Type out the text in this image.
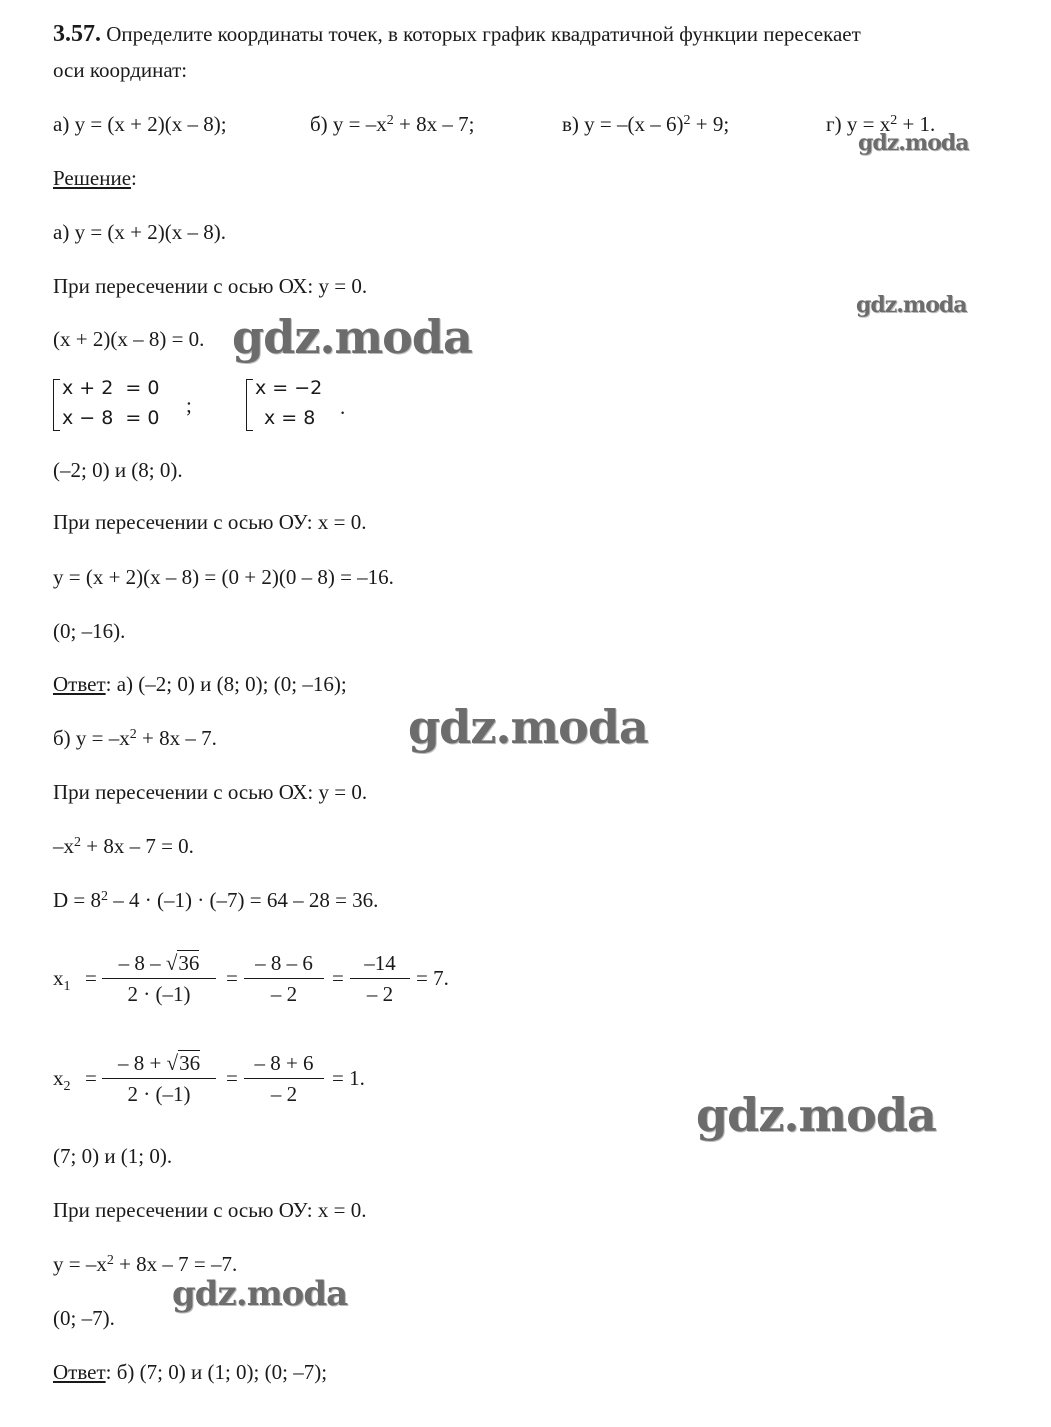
3.57. Определите координаты точек, в которых график квадратичной функции пересекает
оси координат:
а) у = (х + 2)(х – 8);	б) $у = -х^2 + 8х - 7$;	в) у = –(х – 6)$^2$ + 9;	г) $у = х^2 + 1$.
Решение:
а) у = (х + 2)(х – 8).
При пересечении с осью ОХ: у = 0.
(х + 2)(х – 8) = 0.
х + 2  = 0
х − 8  = 0
;
х = −2
х = 8 .
(–2; 0) и (8; 0).
При пересечении с осью ОУ: х = 0.
у = (х + 2)(х – 8) = (0 + 2)(0 – 8) = –16.
(0; –16).
Ответ: а) (–2; 0) и (8; 0); (0; –16);
б) $у = -х^2 + 8х - 7$.
При пересечении с осью ОХ: у = 0.
$-х^2 + 8х - 7 = 0$.
$D = 8^2 - 4 \cdot (-1) \cdot (-7) = 64 - 28 = 36$.
$х_1 = \frac{- 8 - √36}{2 \cdot (-1)} = \frac{- 8 - 6}{- 2} = \frac{-14}{- 2} = 7$.
$х_2 = \frac{- 8 + √36}{2 \cdot (-1)} = \frac{- 8 + 6}{- 2} = 1$.
(7; 0) и (1; 0).
При пересечении с осью ОУ: х = 0.
$у = -х^2 + 8х - 7 = -7$.
(0; –7).
Ответ: б) (7; 0) и (1; 0); (0; –7);
gdz.moda
gdz.moda
gdz.moda
gdz.moda
gdz.moda
gdz.moda
